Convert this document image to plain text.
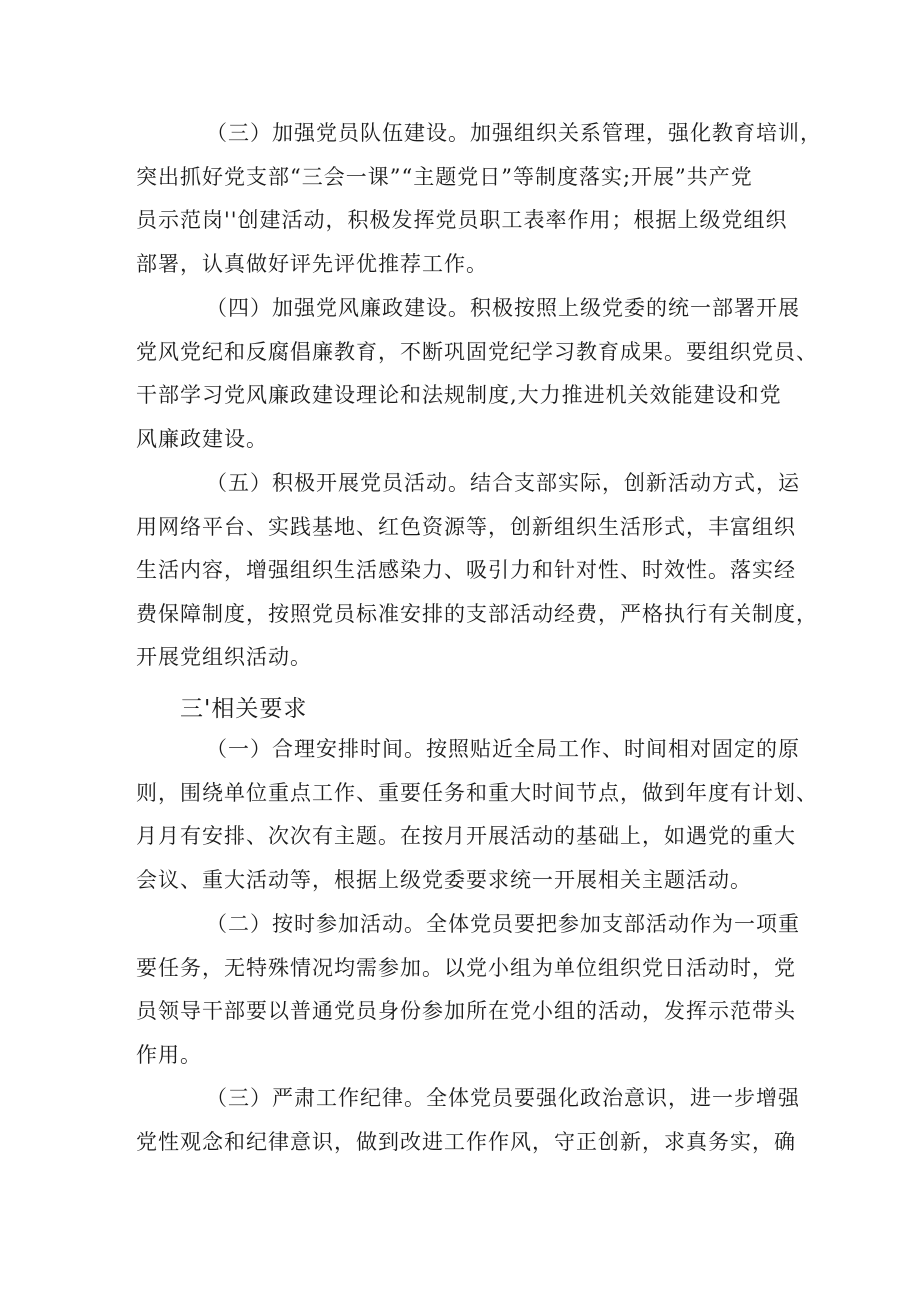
（三）加强党员队伍建设。加强组织关系管理，强化教育培训，
突出抓好党支部“三会一课”“主题党日”等制度落实;开展”共产党
员示范岗''创建活动，积极发挥党员职工表率作用；根据上级党组织
部署，认真做好评先评优推荐工作。

（四）加强党风廉政建设。积极按照上级党委的统一部署开展
党风党纪和反腐倡廉教育，不断巩固党纪学习教育成果。要组织党员、
干部学习党风廉政建设理论和法规制度,大力推进机关效能建设和党
风廉政建设。

（五）积极开展党员活动。结合支部实际，创新活动方式，运
用网络平台、实践基地、红色资源等，创新组织生活形式，丰富组织
生活内容，增强组织生活感染力、吸引力和针对性、时效性。落实经
费保障制度，按照党员标准安排的支部活动经费，严格执行有关制度，
开展党组织活动。

三'相关要求

（一）合理安排时间。按照贴近全局工作、时间相对固定的原
则，围绕单位重点工作、重要任务和重大时间节点，做到年度有计划、
月月有安排、次次有主题。在按月开展活动的基础上，如遇党的重大
会议、重大活动等，根据上级党委要求统一开展相关主题活动。

（二）按时参加活动。全体党员要把参加支部活动作为一项重
要任务，无特殊情况均需参加。以党小组为单位组织党日活动时，党
员领导干部要以普通党员身份参加所在党小组的活动，发挥示范带头
作用。

（三）严肃工作纪律。全体党员要强化政治意识，进一步增强
党性观念和纪律意识，做到改进工作作风，守正创新，求真务实，确
